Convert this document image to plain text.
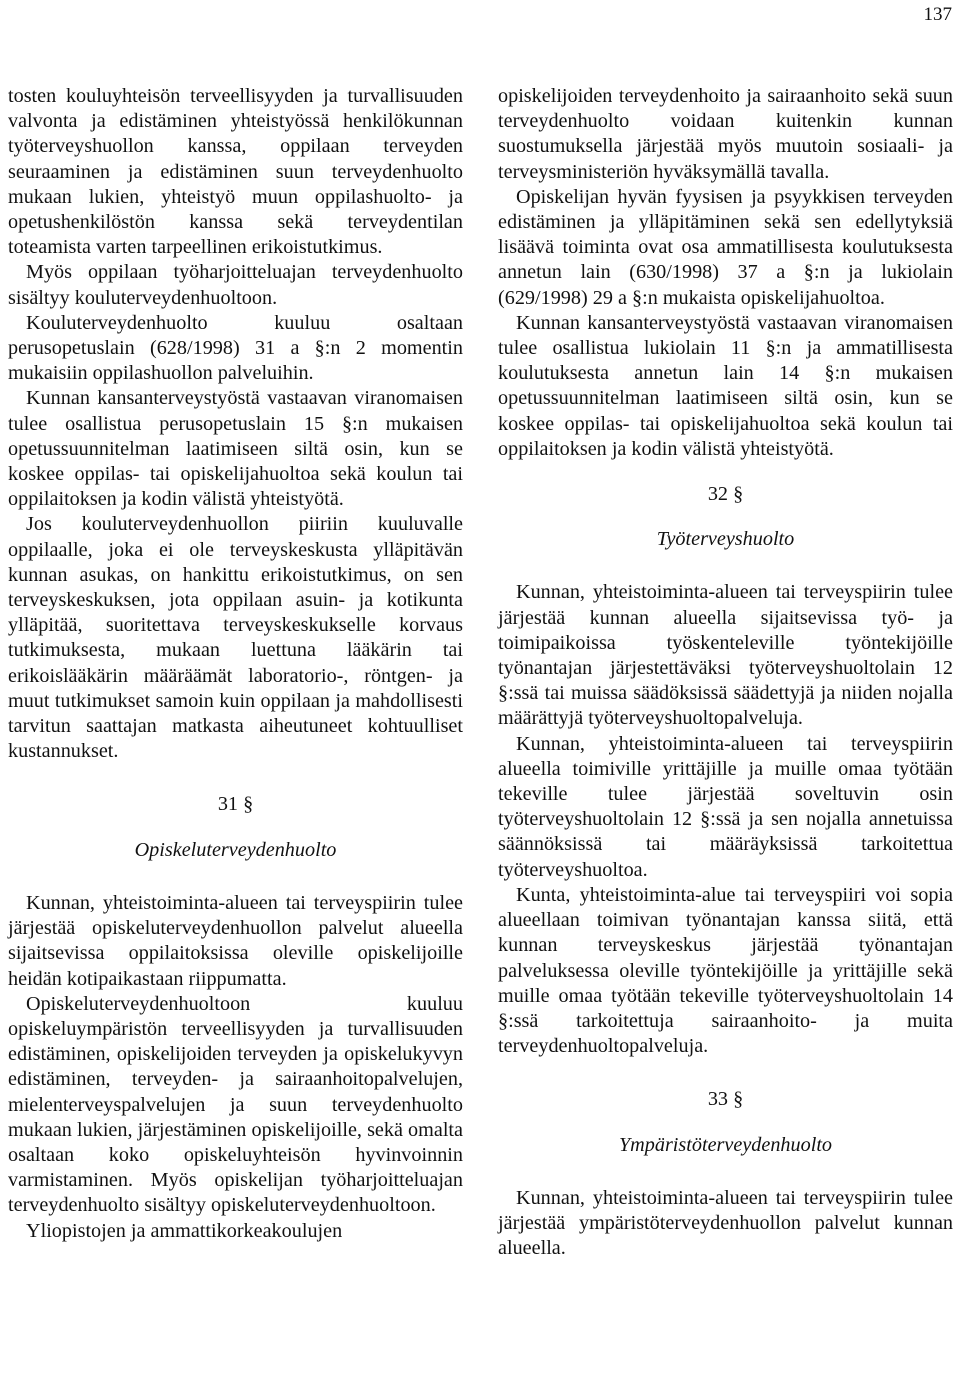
137

tosten kouluyhteisön terveellisyyden ja turvallisuuden valvonta ja edistäminen yhteistyössä henkilökunnan työterveyshuollon kanssa, oppilaan terveyden seuraaminen ja edistäminen suun terveydenhuolto mukaan lukien, yhteistyö muun oppilashuolto- ja opetushenkilöstön kanssa sekä terveydentilan toteamista varten tarpeellinen erikoistutkimus.

Myös oppilaan työharjoitteluajan terveydenhuolto sisältyy kouluterveydenhuoltoon.

Kouluterveydenhuolto kuuluu osaltaan perusopetuslain (628/1998) 31 a §:n 2 momentin mukaisiin oppilashuollon palveluihin.

Kunnan kansanterveystyöstä vastaavan viranomaisen tulee osallistua perusopetuslain 15 §:n mukaisen opetussuunnitelman laatimiseen siltä osin, kun se koskee oppilas- tai opiskelijahuoltoa sekä koulun tai oppilaitoksen ja kodin välistä yhteistyötä.

Jos kouluterveydenhuollon piiriin kuuluvalle oppilaalle, joka ei ole terveyskeskusta ylläpitävän kunnan asukas, on hankittu erikoistutkimus, on sen terveyskeskuksen, jota oppilaan asuin- ja kotikunta ylläpitää, suoritettava terveyskeskukselle korvaus tutkimuksesta, mukaan luettuna lääkärin tai erikoislääkärin määräämät laboratorio-, röntgen- ja muut tutkimukset samoin kuin oppilaan ja mahdollisesti tarvitun saattajan matkasta aiheutuneet kohtuulliset kustannukset.

31 §
Opiskeluterveydenhuolto

Kunnan, yhteistoiminta-alueen tai terveyspiirin tulee järjestää opiskeluterveydenhuollon palvelut alueella sijaitsevissa oppilaitoksissa oleville opiskelijoille heidän kotipaikastaan riippumatta.

Opiskeluterveydenhuoltoon kuuluu opiskeluympäristön terveellisyyden ja turvallisuuden edistäminen, opiskelijoiden terveyden ja opiskelukyvyn edistäminen, terveyden- ja sairaanhoitopalvelujen, mielenterveyspalvelujen ja suun terveydenhuolto mukaan lukien, järjestäminen opiskelijoille, sekä omalta osaltaan koko opiskeluyhteisön hyvinvoinnin varmistaminen. Myös opiskelijan työharjoitteluajan terveydenhuolto sisältyy opiskeluterveydenhuoltoon.

Yliopistojen ja ammattikorkeakoulujen

opiskelijoiden terveydenhoito ja sairaanhoito sekä suun terveydenhuolto voidaan kuitenkin kunnan suostumuksella järjestää myös muutoin sosiaali- ja terveysministeriön hyväksymällä tavalla.

Opiskelijan hyvän fyysisen ja psyykkisen terveyden edistäminen ja ylläpitäminen sekä sen edellytyksiä lisäävä toiminta ovat osa ammatillisesta koulutuksesta annetun lain (630/1998) 37 a §:n ja lukiolain (629/1998) 29 a §:n mukaista opiskelijahuoltoa.

Kunnan kansanterveystyöstä vastaavan viranomaisen tulee osallistua lukiolain 11 §:n ja ammatillisesta koulutuksesta annetun lain 14 §:n mukaisen opetussuunnitelman laatimiseen siltä osin, kun se koskee oppilas- tai opiskelijahuoltoa sekä koulun tai oppilaitoksen ja kodin välistä yhteistyötä.

32 §
Työterveyshuolto

Kunnan, yhteistoiminta-alueen tai terveyspiirin tulee järjestää kunnan alueella sijaitsevissa työ- ja toimipaikoissa työskenteleville työntekijöille työnantajan järjestettäväksi työterveyshuoltolain 12 §:ssä tai muissa säädöksissä säädettyjä ja niiden nojalla määrättyjä työterveyshuoltopalveluja.

Kunnan, yhteistoiminta-alueen tai terveyspiirin alueella toimiville yrittäjille ja muille omaa työtään tekeville tulee järjestää soveltuvin osin työterveyshuoltolain 12 §:ssä ja sen nojalla annetuissa säännöksissä tai määräyksissä tarkoitettua työterveyshuoltoa.

Kunta, yhteistoiminta-alue tai terveyspiiri voi sopia alueellaan toimivan työnantajan kanssa siitä, että kunnan terveyskeskus järjestää työnantajan palveluksessa oleville työntekijöille ja yrittäjille sekä muille omaa työtään tekeville työterveyshuoltolain 14 §:ssä tarkoitettuja sairaanhoito- ja muita terveydenhuoltopalveluja.

33 §
Ympäristöterveydenhuolto

Kunnan, yhteistoiminta-alueen tai terveyspiirin tulee järjestää ympäristöterveydenhuollon palvelut kunnan alueella.
